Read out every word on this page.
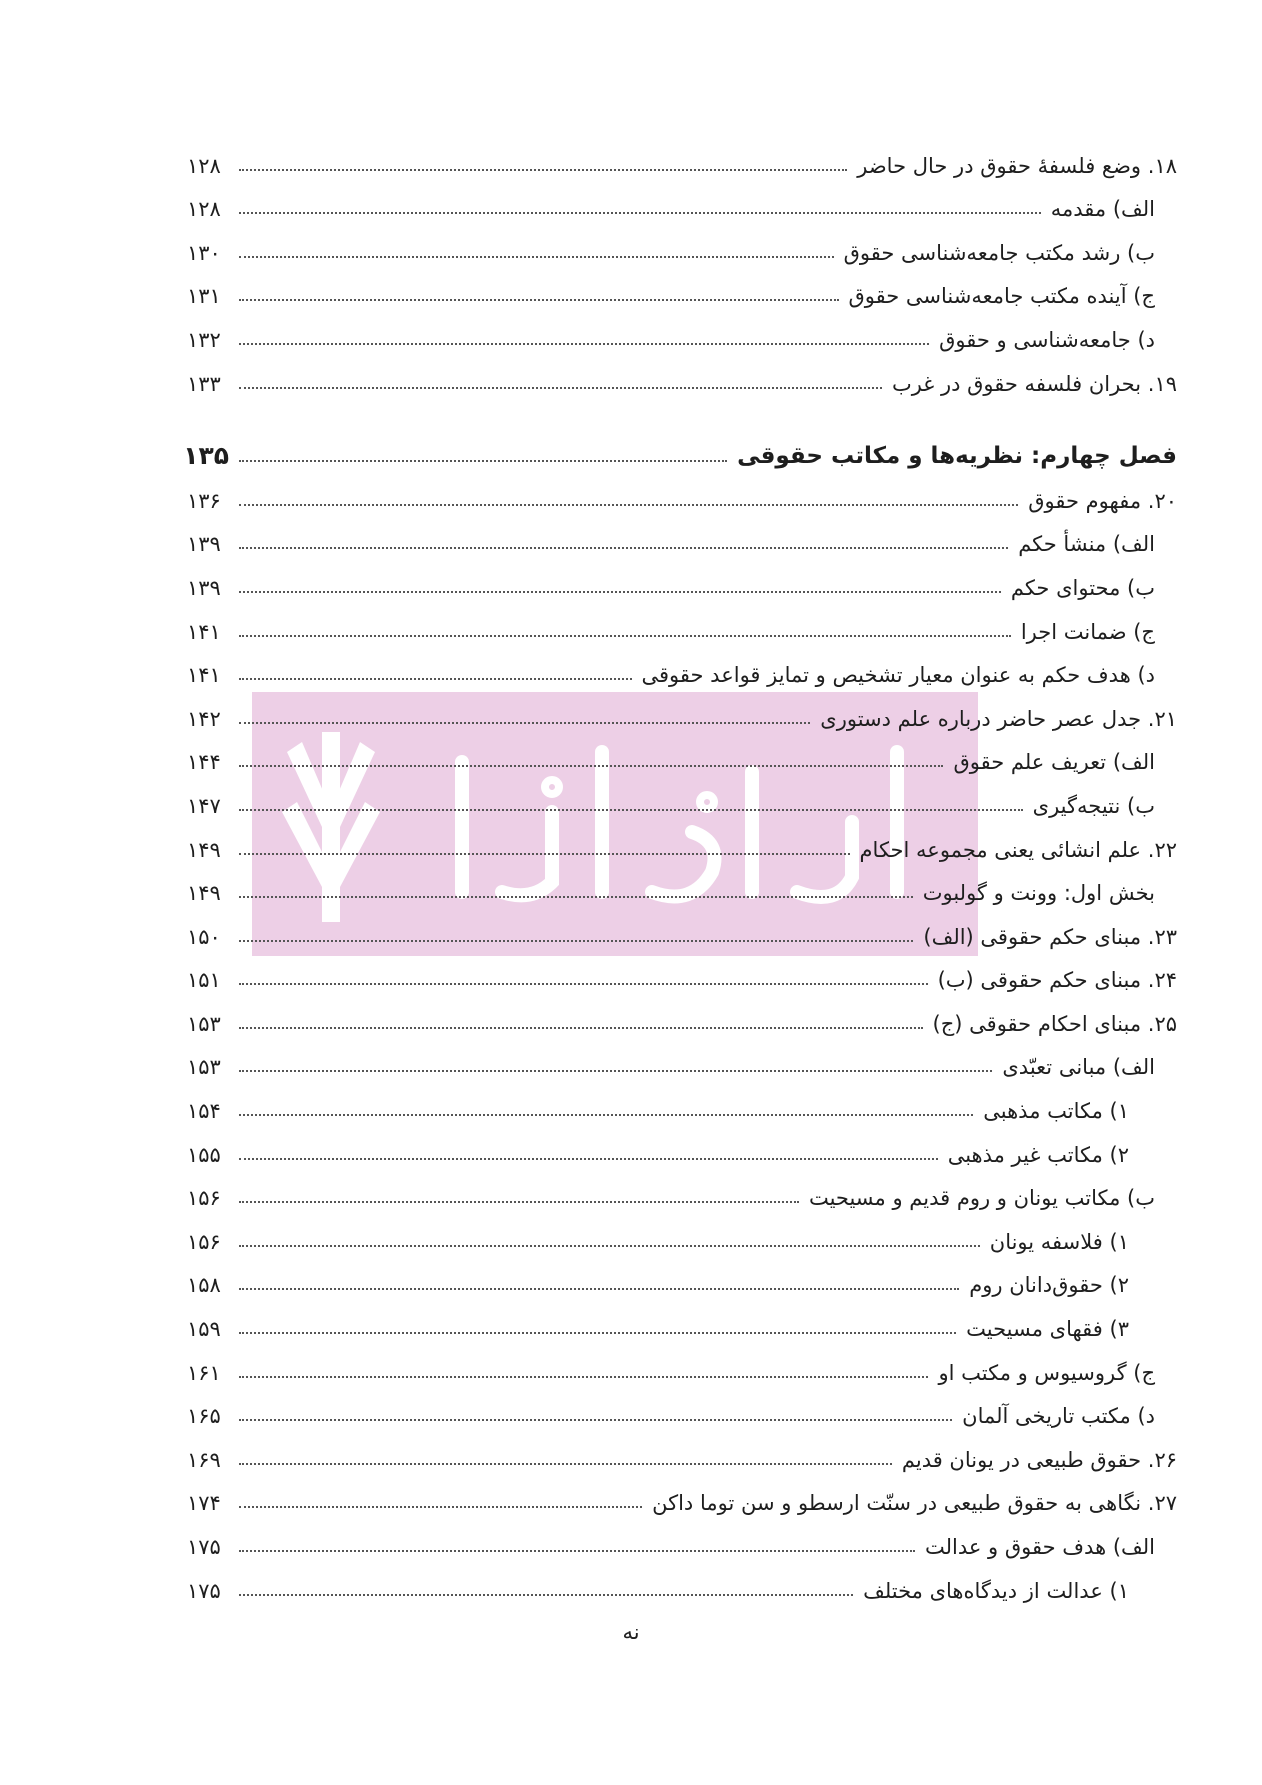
۱۸. وضع فلسفهٔ حقوق در حال حاضر
۱۲۸
الف) مقدمه
۱۲۸
ب) رشد مکتب جامعه‌شناسی حقوق
۱۳۰
ج) آینده مکتب جامعه‌شناسی حقوق
۱۳۱
د) جامعه‌شناسی و حقوق
۱۳۲
۱۹. بحران فلسفه حقوق در غرب
۱۳۳
فصل چهارم: نظریه‌ها و مکاتب حقوقی
۱۳۵
۲۰. مفهوم حقوق
۱۳۶
الف) منشأ حکم
۱۳۹
ب) محتوای حکم
۱۳۹
ج) ضمانت اجرا
۱۴۱
د) هدف حکم به عنوان معیار تشخیص و تمایز قواعد حقوقی
۱۴۱
۲۱. جدل عصر حاضر درباره علم دستوری
۱۴۲
الف) تعریف علم حقوق
۱۴۴
ب) نتیجه‌گیری
۱۴۷
۲۲. علم انشائی یعنی مجموعه احکام
۱۴۹
بخش اول: وونت و گولبوت
۱۴۹
۲۳. مبنای حکم حقوقی (الف)
۱۵۰
۲۴. مبنای حکم حقوقی (ب)
۱۵۱
۲۵. مبنای احکام حقوقی (ج)
۱۵۳
الف) مبانی تعبّدی
۱۵۳
۱) مکاتب مذهبی
۱۵۴
۲) مکاتب غیر مذهبی
۱۵۵
ب) مکاتب یونان و روم قدیم و مسیحیت
۱۵۶
۱) فلاسفه یونان
۱۵۶
۲) حقوق‌دانان روم
۱۵۸
۳) فقهای مسیحیت
۱۵۹
ج) گروسیوس و مکتب او
۱۶۱
د) مکتب تاریخی آلمان
۱۶۵
۲۶. حقوق طبیعی در یونان قدیم
۱۶۹
۲۷. نگاهی به حقوق طبیعی در سنّت ارسطو و سن توما داکن
۱۷۴
الف) هدف حقوق و عدالت
۱۷۵
۱) عدالت از دیدگاه‌های مختلف
۱۷۵
نه
